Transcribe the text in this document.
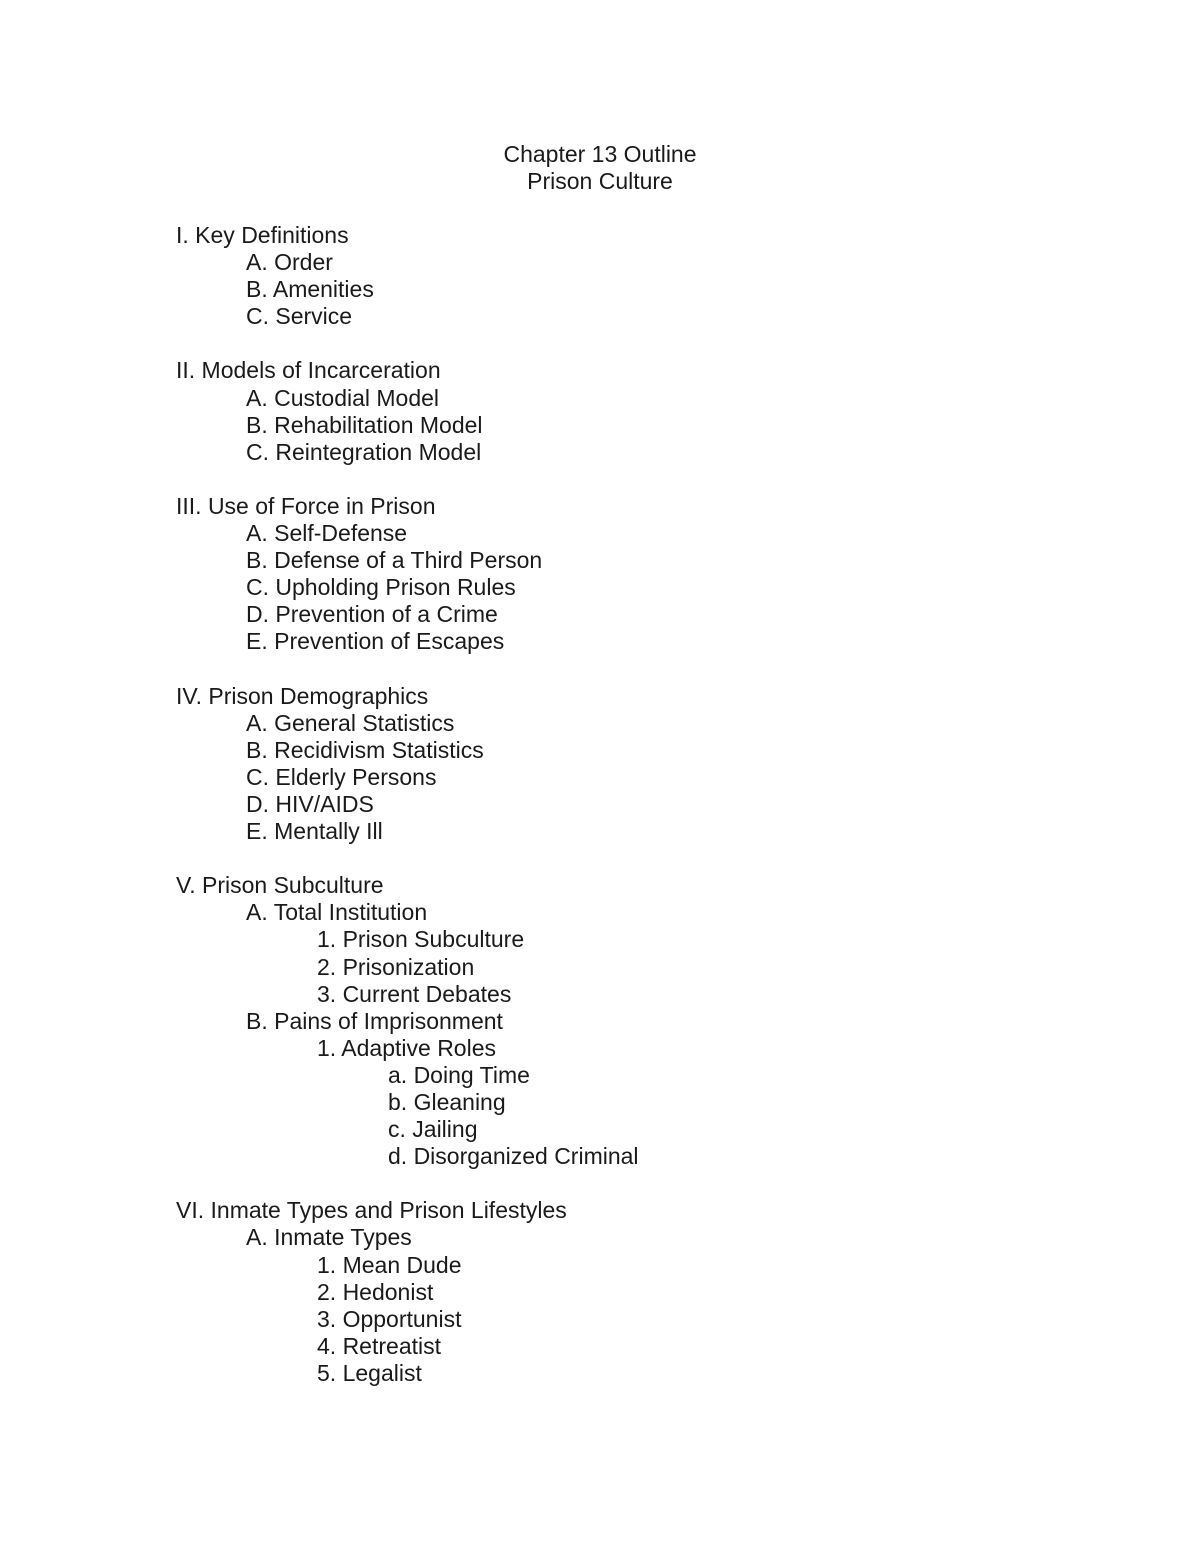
Chapter 13 Outline
Prison Culture
I. Key Definitions
A. Order
B. Amenities
C. Service
II. Models of Incarceration
A. Custodial Model
B. Rehabilitation Model
C. Reintegration Model
III. Use of Force in Prison
A. Self-Defense
B. Defense of a Third Person
C. Upholding Prison Rules
D. Prevention of a Crime
E. Prevention of Escapes
IV. Prison Demographics
A. General Statistics
B. Recidivism Statistics
C. Elderly Persons
D. HIV/AIDS
E. Mentally Ill
V. Prison Subculture
A. Total Institution
1. Prison Subculture
2. Prisonization
3. Current Debates
B. Pains of Imprisonment
1. Adaptive Roles
a. Doing Time
b. Gleaning
c. Jailing
d. Disorganized Criminal
VI. Inmate Types and Prison Lifestyles
A. Inmate Types
1. Mean Dude
2. Hedonist
3. Opportunist
4. Retreatist
5. Legalist
